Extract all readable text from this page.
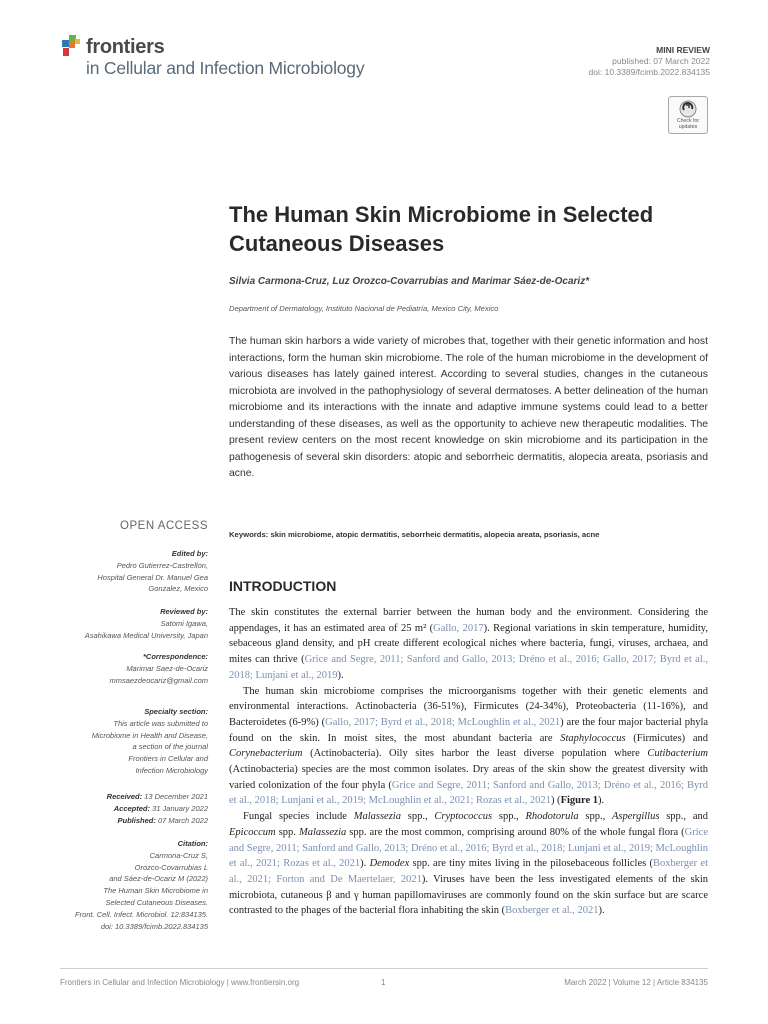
frontiers
in Cellular and Infection Microbiology
MINI REVIEW
published: 07 March 2022
doi: 10.3389/fcimb.2022.834135
Check for
updates
The Human Skin Microbiome in Selected Cutaneous Diseases
Silvia Carmona-Cruz, Luz Orozco-Covarrubias and Marimar Sáez-de-Ocariz*
Department of Dermatology, Instituto Nacional de Pediatría, Mexico City, Mexico

The human skin harbors a wide variety of microbes that, together with their genetic information and host interactions, form the human skin microbiome. The role of the human microbiome in the development of various diseases has lately gained interest. According to several studies, changes in the cutaneous microbiota are involved in the pathophysiology of several dermatoses. A better delineation of the human microbiome and its interactions with the innate and adaptive immune systems could lead to a better understanding of these diseases, as well as the opportunity to achieve new therapeutic modalities. The present review centers on the most recent knowledge on skin microbiome and its participation in the pathogenesis of several skin disorders: atopic and seborrheic dermatitis, alopecia areata, psoriasis and acne.

Keywords: skin microbiome, atopic dermatitis, seborrheic dermatitis, alopecia areata, psoriasis, acne
OPEN ACCESS
Edited by:
Pedro Gutierrez-Castrellon,
Hospital General Dr. Manuel Gea
Gonzalez, Mexico
Reviewed by:
Satomi Igawa,
Asahikawa Medical University, Japan
*Correspondence:
Marimar Saez-de-Ocariz
mmsaezdeocariz@gmail.com
Specialty section:
This article was submitted to
Microbiome in Health and Disease,
a section of the journal
Frontiers in Cellular and
Infection Microbiology
Received: 13 December 2021
Accepted: 31 January 2022
Published: 07 March 2022
Citation:
Carmona-Cruz S,
Orozco-Covarrubias L
and Sáez-de-Ocariz M (2022)
The Human Skin Microbiome in
Selected Cutaneous Diseases.
Front. Cell. Infect. Microbiol. 12:834135.
doi: 10.3389/fcimb.2022.834135
INTRODUCTION

The skin constitutes the external barrier between the human body and the environment. Considering the appendages, it has an estimated area of 25 m² (Gallo, 2017). Regional variations in skin temperature, humidity, sebaceous gland density, and pH create different ecological niches where bacteria, fungi, viruses, archaea, and mites can thrive (Grice and Segre, 2011; Sanford and Gallo, 2013; Dréno et al., 2016; Gallo, 2017; Byrd et al., 2018; Lunjani et al., 2019).

The human skin microbiome comprises the microorganisms together with their genetic elements and environmental interactions. Actinobacteria (36-51%), Firmicutes (24-34%), Proteobacteria (11-16%), and Bacteroidetes (6-9%) (Gallo, 2017; Byrd et al., 2018; McLoughlin et al., 2021) are the four major bacterial phyla found on the skin. In moist sites, the most abundant bacteria are Staphylococcus (Firmicutes) and Corynebacterium (Actinobacteria). Oily sites harbor the least diverse population where Cutibacterium (Actinobacteria) species are the most common isolates. Dry areas of the skin show the greatest diversity with varied colonization of the four phyla (Grice and Segre, 2011; Sanford and Gallo, 2013; Dréno et al., 2016; Byrd et al., 2018; Lunjani et al., 2019; McLoughlin et al., 2021; Rozas et al., 2021) (Figure 1).

Fungal species include Malassezia spp., Cryptococcus spp., Rhodotorula spp., Aspergillus spp., and Epicoccum spp. Malassezia spp. are the most common, comprising around 80% of the whole fungal flora (Grice and Segre, 2011; Sanford and Gallo, 2013; Dréno et al., 2016; Byrd et al., 2018; Lunjani et al., 2019; McLoughlin et al., 2021; Rozas et al., 2021). Demodex spp. are tiny mites living in the pilosebaceous follicles (Boxberger et al., 2021; Forton and De Maertelaer, 2021). Viruses have been the less investigated elements of the skin microbiota, cutaneous β and γ human papillomaviruses are commonly found on the skin surface but are scarce contrasted to the phages of the bacterial flora inhabiting the skin (Boxberger et al., 2021).

Frontiers in Cellular and Infection Microbiology | www.frontiersin.org	1	March 2022 | Volume 12 | Article 834135
